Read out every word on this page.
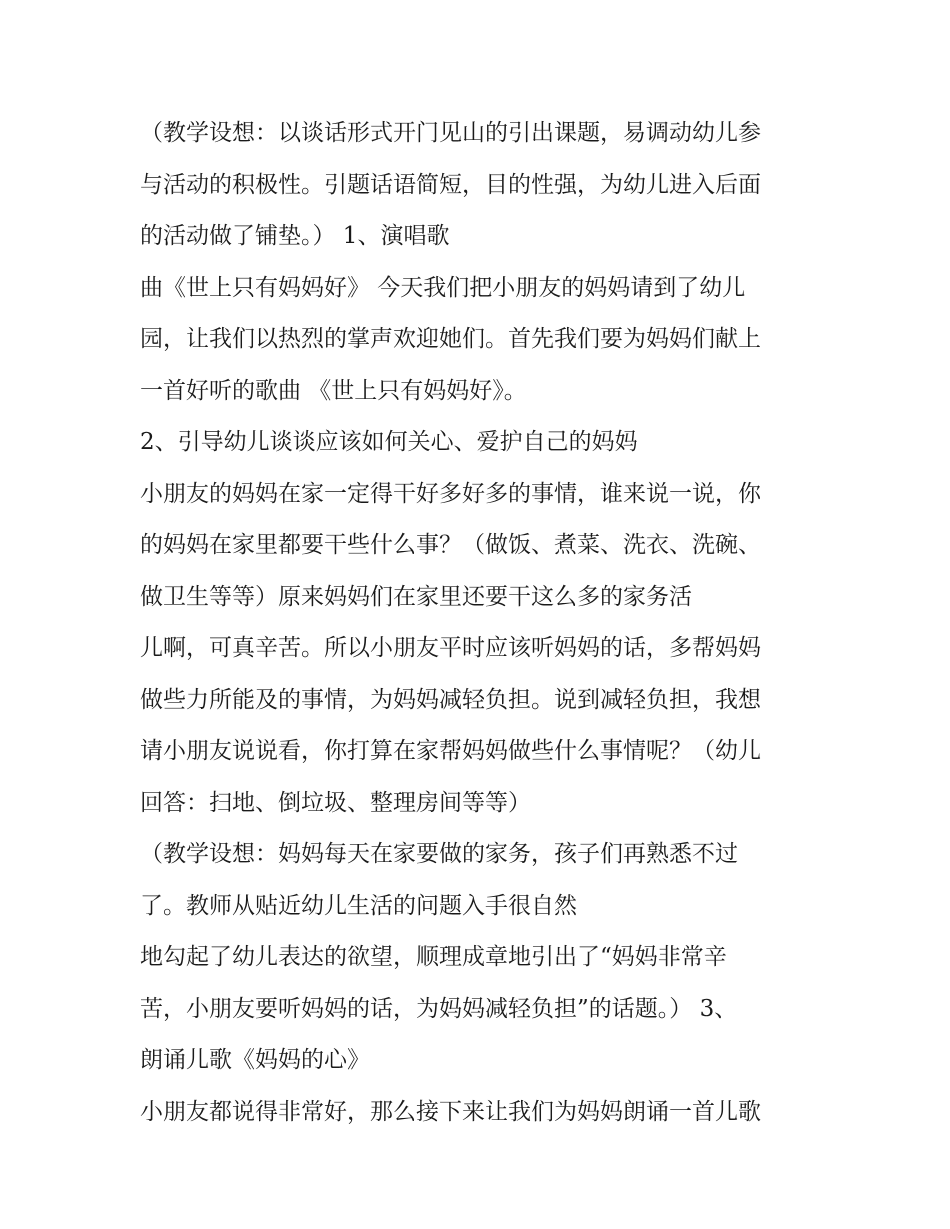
（教学设想：以谈话形式开门见山的引出课题，易调动幼儿参
与活动的积极性。引题话语简短，目的性强，为幼儿进入后面
的活动做了铺垫。） 1、演唱歌
曲《世上只有妈妈好》 今天我们把小朋友的妈妈请到了幼儿
园，让我们以热烈的掌声欢迎她们。首先我们要为妈妈们献上
一首好听的歌曲 《世上只有妈妈好》。
2、引导幼儿谈谈应该如何关心、爱护自己的妈妈
小朋友的妈妈在家一定得干好多好多的事情，谁来说一说，你
的妈妈在家里都要干些什么事？（做饭、煮菜、洗衣、洗碗、
做卫生等等）原来妈妈们在家里还要干这么多的家务活
儿啊，可真辛苦。所以小朋友平时应该听妈妈的话，多帮妈妈
做些力所能及的事情，为妈妈减轻负担。说到减轻负担，我想
请小朋友说说看，你打算在家帮妈妈做些什么事情呢？（幼儿
回答：扫地、倒垃圾、整理房间等等）
（教学设想：妈妈每天在家要做的家务，孩子们再熟悉不过
了。教师从贴近幼儿生活的问题入手很自然
地勾起了幼儿表达的欲望，顺理成章地引出了“妈妈非常辛
苦，小朋友要听妈妈的话，为妈妈减轻负担”的话题。） 3、
朗诵儿歌《妈妈的心》
小朋友都说得非常好，那么接下来让我们为妈妈朗诵一首儿歌
